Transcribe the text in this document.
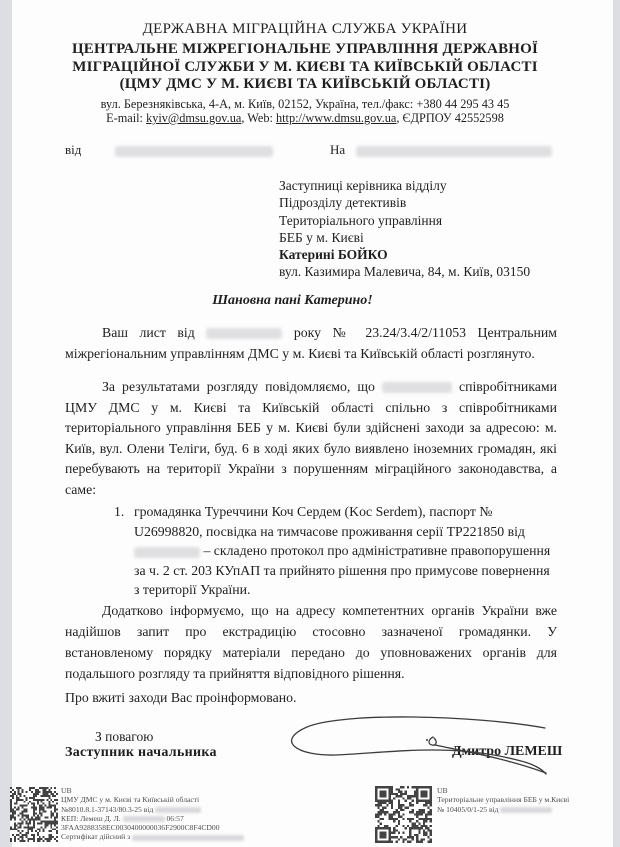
ДЕРЖАВНА МІГРАЦІЙНА СЛУЖБА УКРАЇНИ
ЦЕНТРАЛЬНЕ МІЖРЕГІОНАЛЬНЕ УПРАВЛІННЯ ДЕРЖАВНОЇ
МІГРАЦІЙНОЇ СЛУЖБИ У М. КИЄВІ ТА КИЇВСЬКІЙ ОБЛАСТІ
(ЦМУ ДМС У М. КИЄВІ ТА КИЇВСЬКІЙ ОБЛАСТІ)
вул. Березняківська, 4-А, м. Київ, 02152, Україна, тел./факс: +380 44 295 43 45
E-mail: kyiv@dmsu.gov.ua, Web: http://www.dmsu.gov.ua, ЄДРПОУ 42552598
від	На
Заступниці керівника відділу
Підрозділу детективів
Територіального управління
БЕБ у м. Києві
Катерині БОЙКО
вул. Казимира Малевича, 84, м. Київ, 03150
Шановна пані Катерино!
Ваш лист від	року № 23.24/3.4/2/11053 Центральним міжрегіональним управлінням ДМС у м. Києві та Київській області розглянуто.
За результатами розгляду повідомляємо, що	співробітниками ЦМУ ДМС у м. Києві та Київській області спільно з співробітниками територіального управління БЕБ у м. Києві були здійснені заходи за адресою: м. Київ, вул. Олени Теліги, буд. 6 в ході яких було виявлено іноземних громадян, які перебувають на території України з порушенням міграційного законодавства, а саме:
1. громадянка Туреччини Коч Сердем (Koc Serdem), паспорт № U26998820, посвідка на тимчасове проживання серії ТР221850 від  – складено протокол про адміністративне правопорушення за ч. 2 ст. 203 КУпАП та прийнято рішення про примусове повернення з території України.
Додатково інформуємо, що на адресу компетентних органів України вже надійшов запит про екстрадицію стосовно зазначеної громадянки. У встановленому порядку матеріали передано до уповноважених органів для подальшого розгляду та прийняття відповідного рішення.
Про вжиті заходи Вас проінформовано.
З повагою
Заступник начальника	Дмитро ЛЕМЕШ
UB
ЦМУ ДМС у м. Києві та Київській області
№8010.8.1-37143/80.3-25 від
КЕП: Лемеш Д. Л.	06:57
3FAA9288358EC0030400000036F2900C8F4CD00
Сертифікат дійсний з
UB
Територіальне управління БЕБ у м.Києві
№ 10405/0/1-25 від
